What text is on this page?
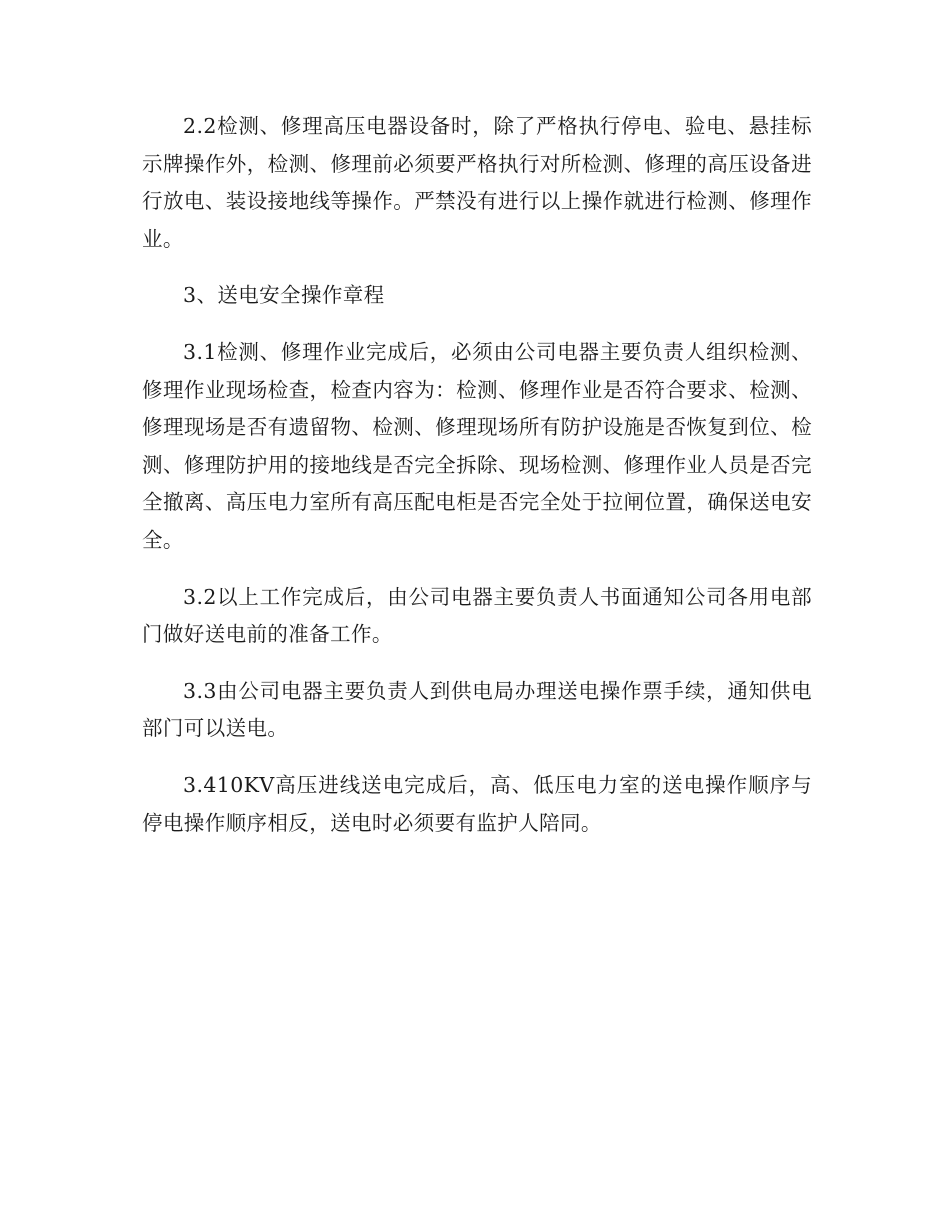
2.2检测、修理高压电器设备时，除了严格执行停电、验电、悬挂标示牌操作外，检测、修理前必须要严格执行对所检测、修理的高压设备进行放电、装设接地线等操作。严禁没有进行以上操作就进行检测、修理作业。

3、送电安全操作章程

3.1检测、修理作业完成后，必须由公司电器主要负责人组织检测、修理作业现场检查，检查内容为：检测、修理作业是否符合要求、检测、修理现场是否有遗留物、检测、修理现场所有防护设施是否恢复到位、检测、修理防护用的接地线是否完全拆除、现场检测、修理作业人员是否完全撤离、高压电力室所有高压配电柜是否完全处于拉闸位置，确保送电安全。

3.2以上工作完成后，由公司电器主要负责人书面通知公司各用电部门做好送电前的准备工作。

3.3由公司电器主要负责人到供电局办理送电操作票手续，通知供电部门可以送电。

3.410KV高压进线送电完成后，高、低压电力室的送电操作顺序与停电操作顺序相反，送电时必须要有监护人陪同。
